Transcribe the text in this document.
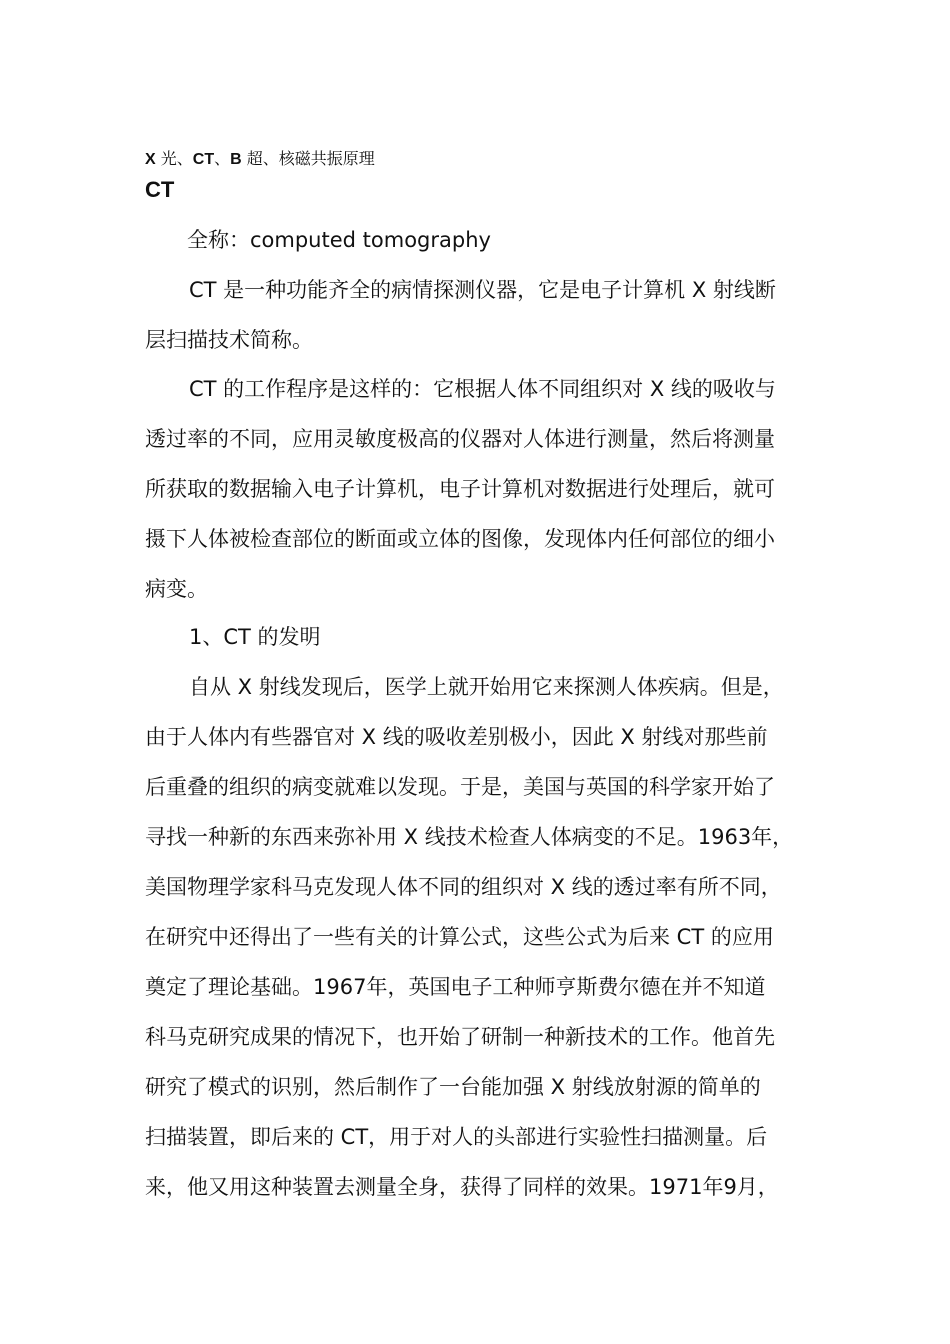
X 光、CT、B 超、核磁共振原理
CT
全称：computed tomography
CT 是一种功能齐全的病情探测仪器，它是电子计算机 X 射线断
层扫描技术简称。
CT 的工作程序是这样的：它根据人体不同组织对 X 线的吸收与
透过率的不同，应用灵敏度极高的仪器对人体进行测量，然后将测量
所获取的数据输入电子计算机，电子计算机对数据进行处理后，就可
摄下人体被检查部位的断面或立体的图像，发现体内任何部位的细小
病变。
1、CT 的发明
自从 X 射线发现后，医学上就开始用它来探测人体疾病。但是，
由于人体内有些器官对 X 线的吸收差别极小，因此 X 射线对那些前
后重叠的组织的病变就难以发现。于是，美国与英国的科学家开始了
寻找一种新的东西来弥补用 X 线技术检查人体病变的不足。1963年，
美国物理学家科马克发现人体不同的组织对 X 线的透过率有所不同，
在研究中还得出了一些有关的计算公式，这些公式为后来 CT 的应用
奠定了理论基础。1967年，英国电子工种师亨斯费尔德在并不知道
科马克研究成果的情况下，也开始了研制一种新技术的工作。他首先
研究了模式的识别，然后制作了一台能加强 X 射线放射源的简单的
扫描装置，即后来的 CT，用于对人的头部进行实验性扫描测量。后
来，他又用这种装置去测量全身，获得了同样的效果。1971年9月，
